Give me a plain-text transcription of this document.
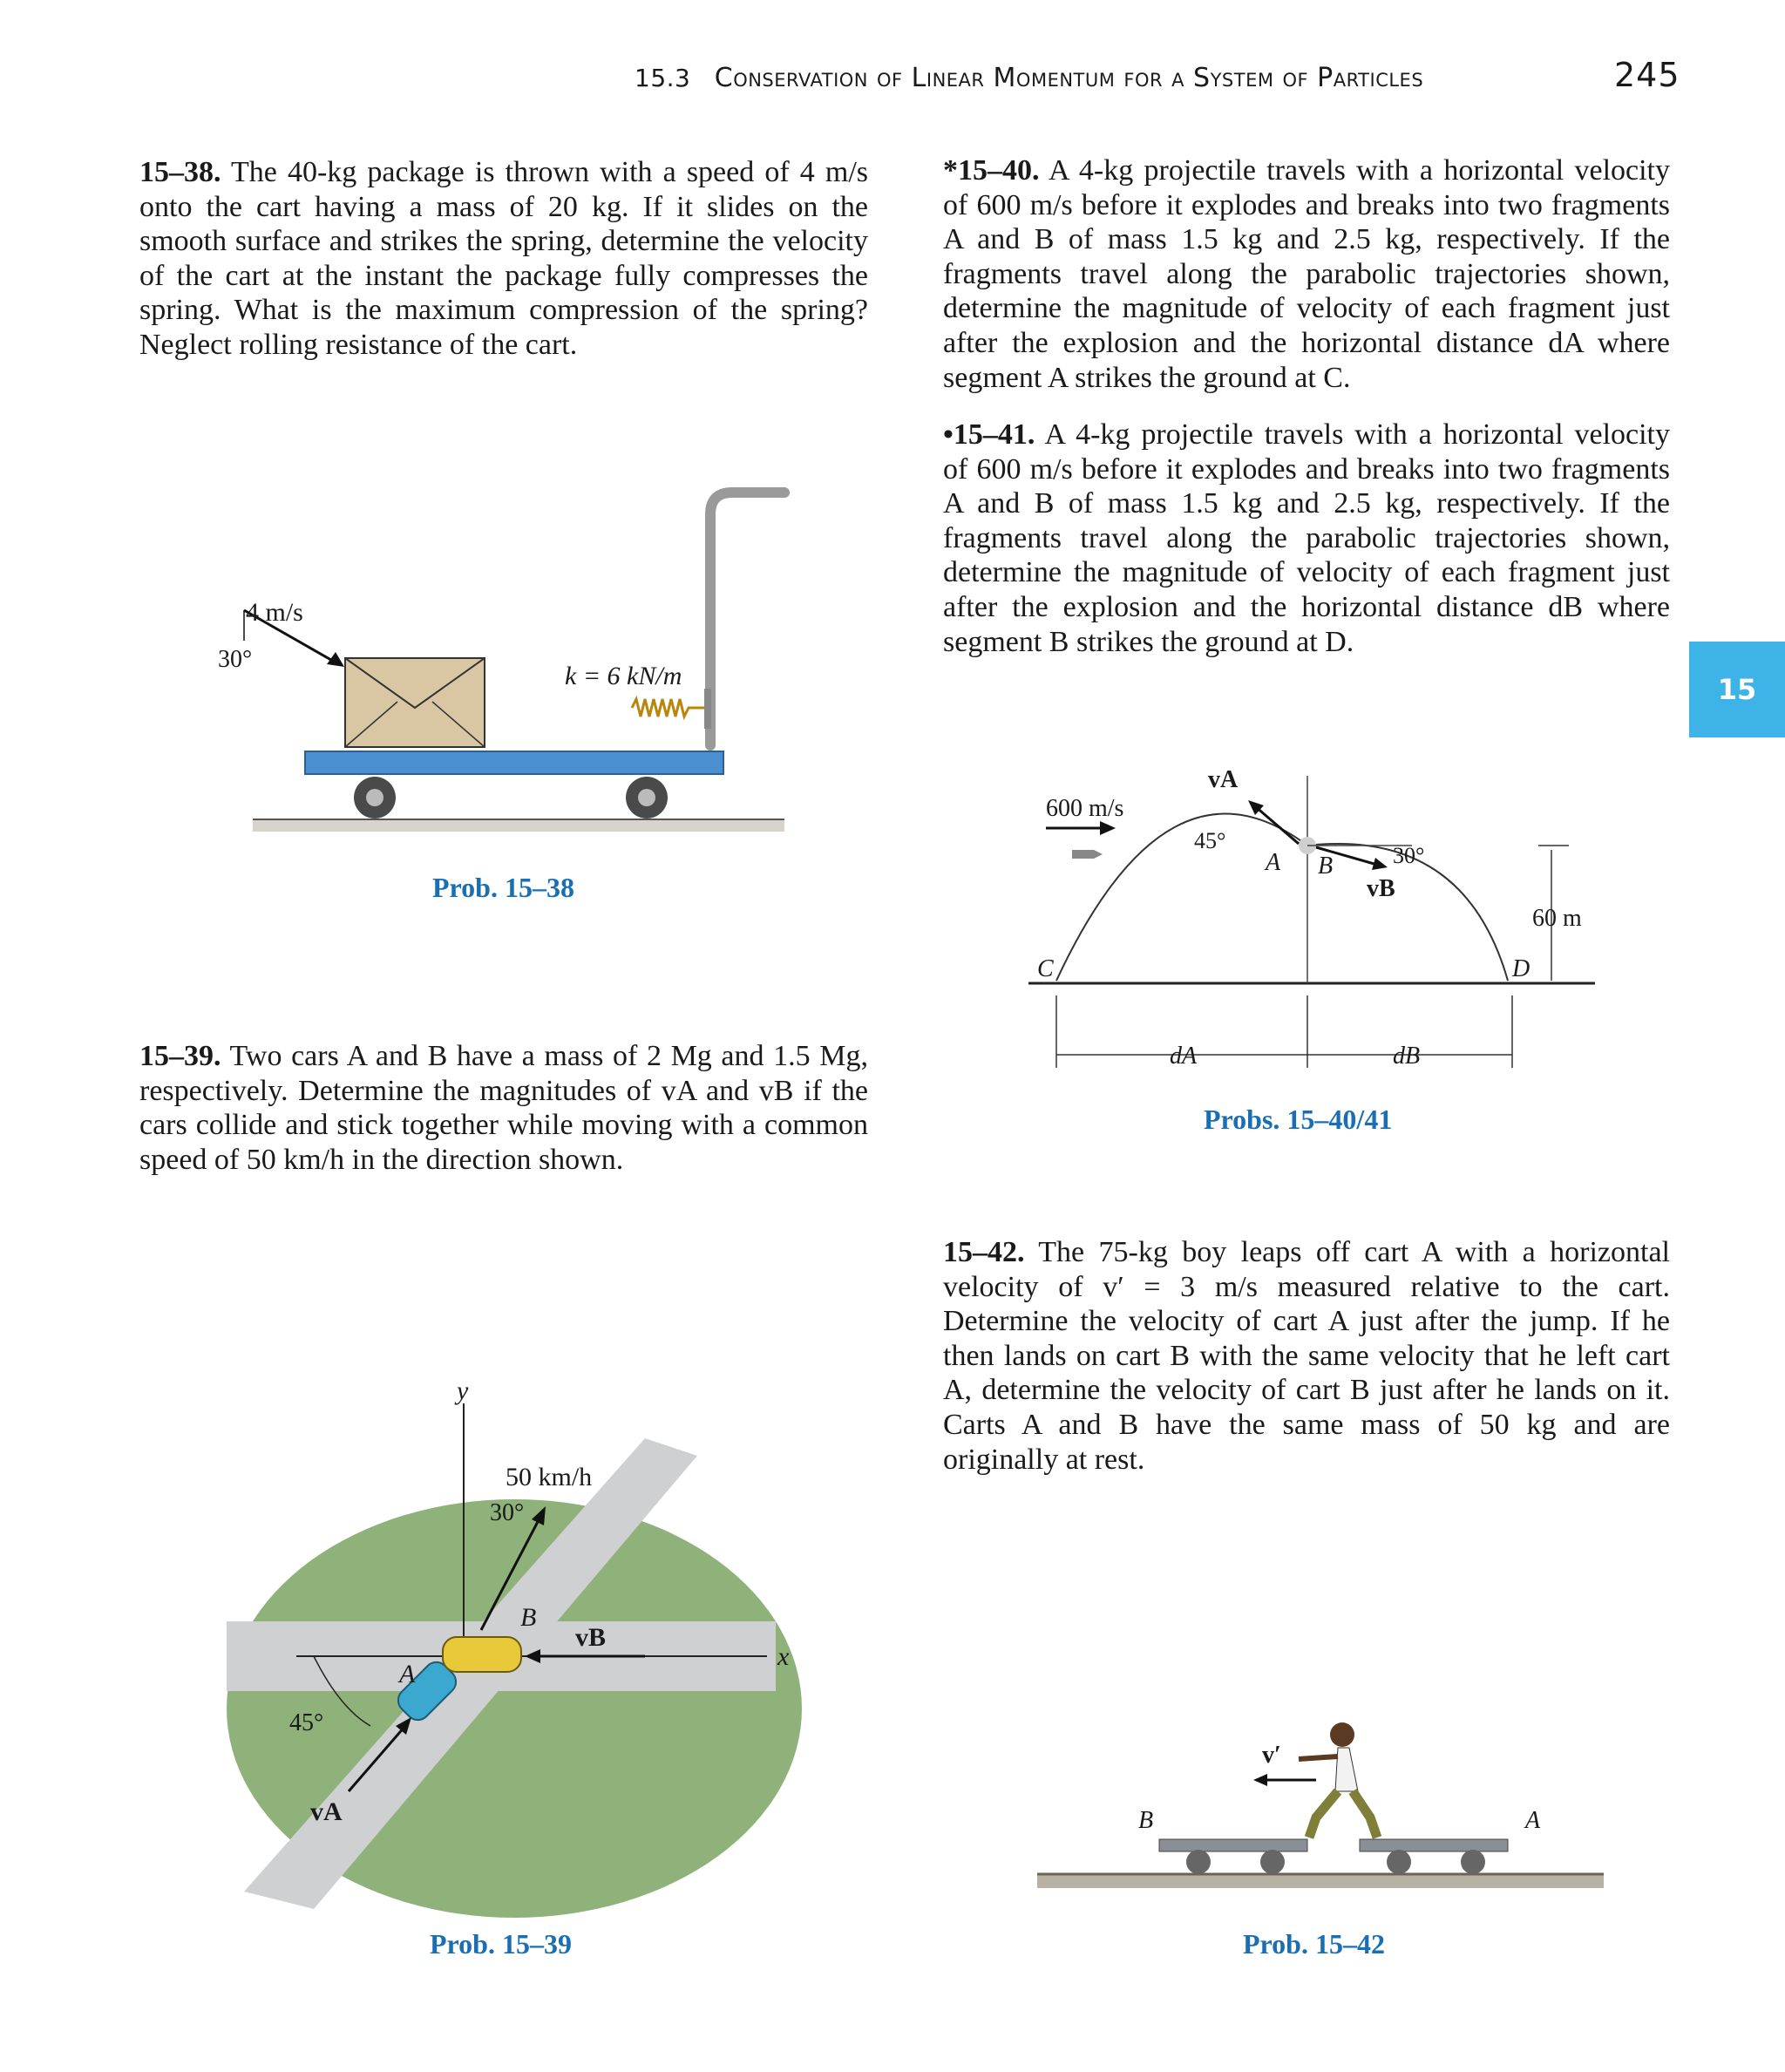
15.3 Conservation of Linear Momentum for a System of Particles	245
15

15–38. The 40-kg package is thrown with a speed of 4 m/s onto the cart having a mass of 20 kg. If it slides on the smooth surface and strikes the spring, determine the velocity of the cart at the instant the package fully compresses the spring. What is the maximum compression of the spring? Neglect rolling resistance of the cart.

15–39. Two cars A and B have a mass of 2 Mg and 1.5 Mg, respectively. Determine the magnitudes of vA and vB if the cars collide and stick together while moving with a common speed of 50 km/h in the direction shown.

*15–40. A 4-kg projectile travels with a horizontal velocity of 600 m/s before it explodes and breaks into two fragments A and B of mass 1.5 kg and 2.5 kg, respectively. If the fragments travel along the parabolic trajectories shown, determine the magnitude of velocity of each fragment just after the explosion and the horizontal distance dA where segment A strikes the ground at C.

•15–41. A 4-kg projectile travels with a horizontal velocity of 600 m/s before it explodes and breaks into two fragments A and B of mass 1.5 kg and 2.5 kg, respectively. If the fragments travel along the parabolic trajectories shown, determine the magnitude of velocity of each fragment just after the explosion and the horizontal distance dB where segment B strikes the ground at D.

15–42. The 75-kg boy leaps off cart A with a horizontal velocity of v′ = 3 m/s measured relative to the cart. Determine the velocity of cart A just after the jump. If he then lands on cart B with the same velocity that he left cart A, determine the velocity of cart B just after he lands on it. Carts A and B have the same mass of 50 kg and are originally at rest.

4 m/s
30°
k = 6 kN/m
Prob. 15–38
y
x
A
B
50 km/h
30°
vB
vA
45°
Prob. 15–39
600 m/s
vA
45°
vB
30°
A B
C	D
60 m
dA	dB
Probs. 15–40/41
v′
B	A
Prob. 15–42
